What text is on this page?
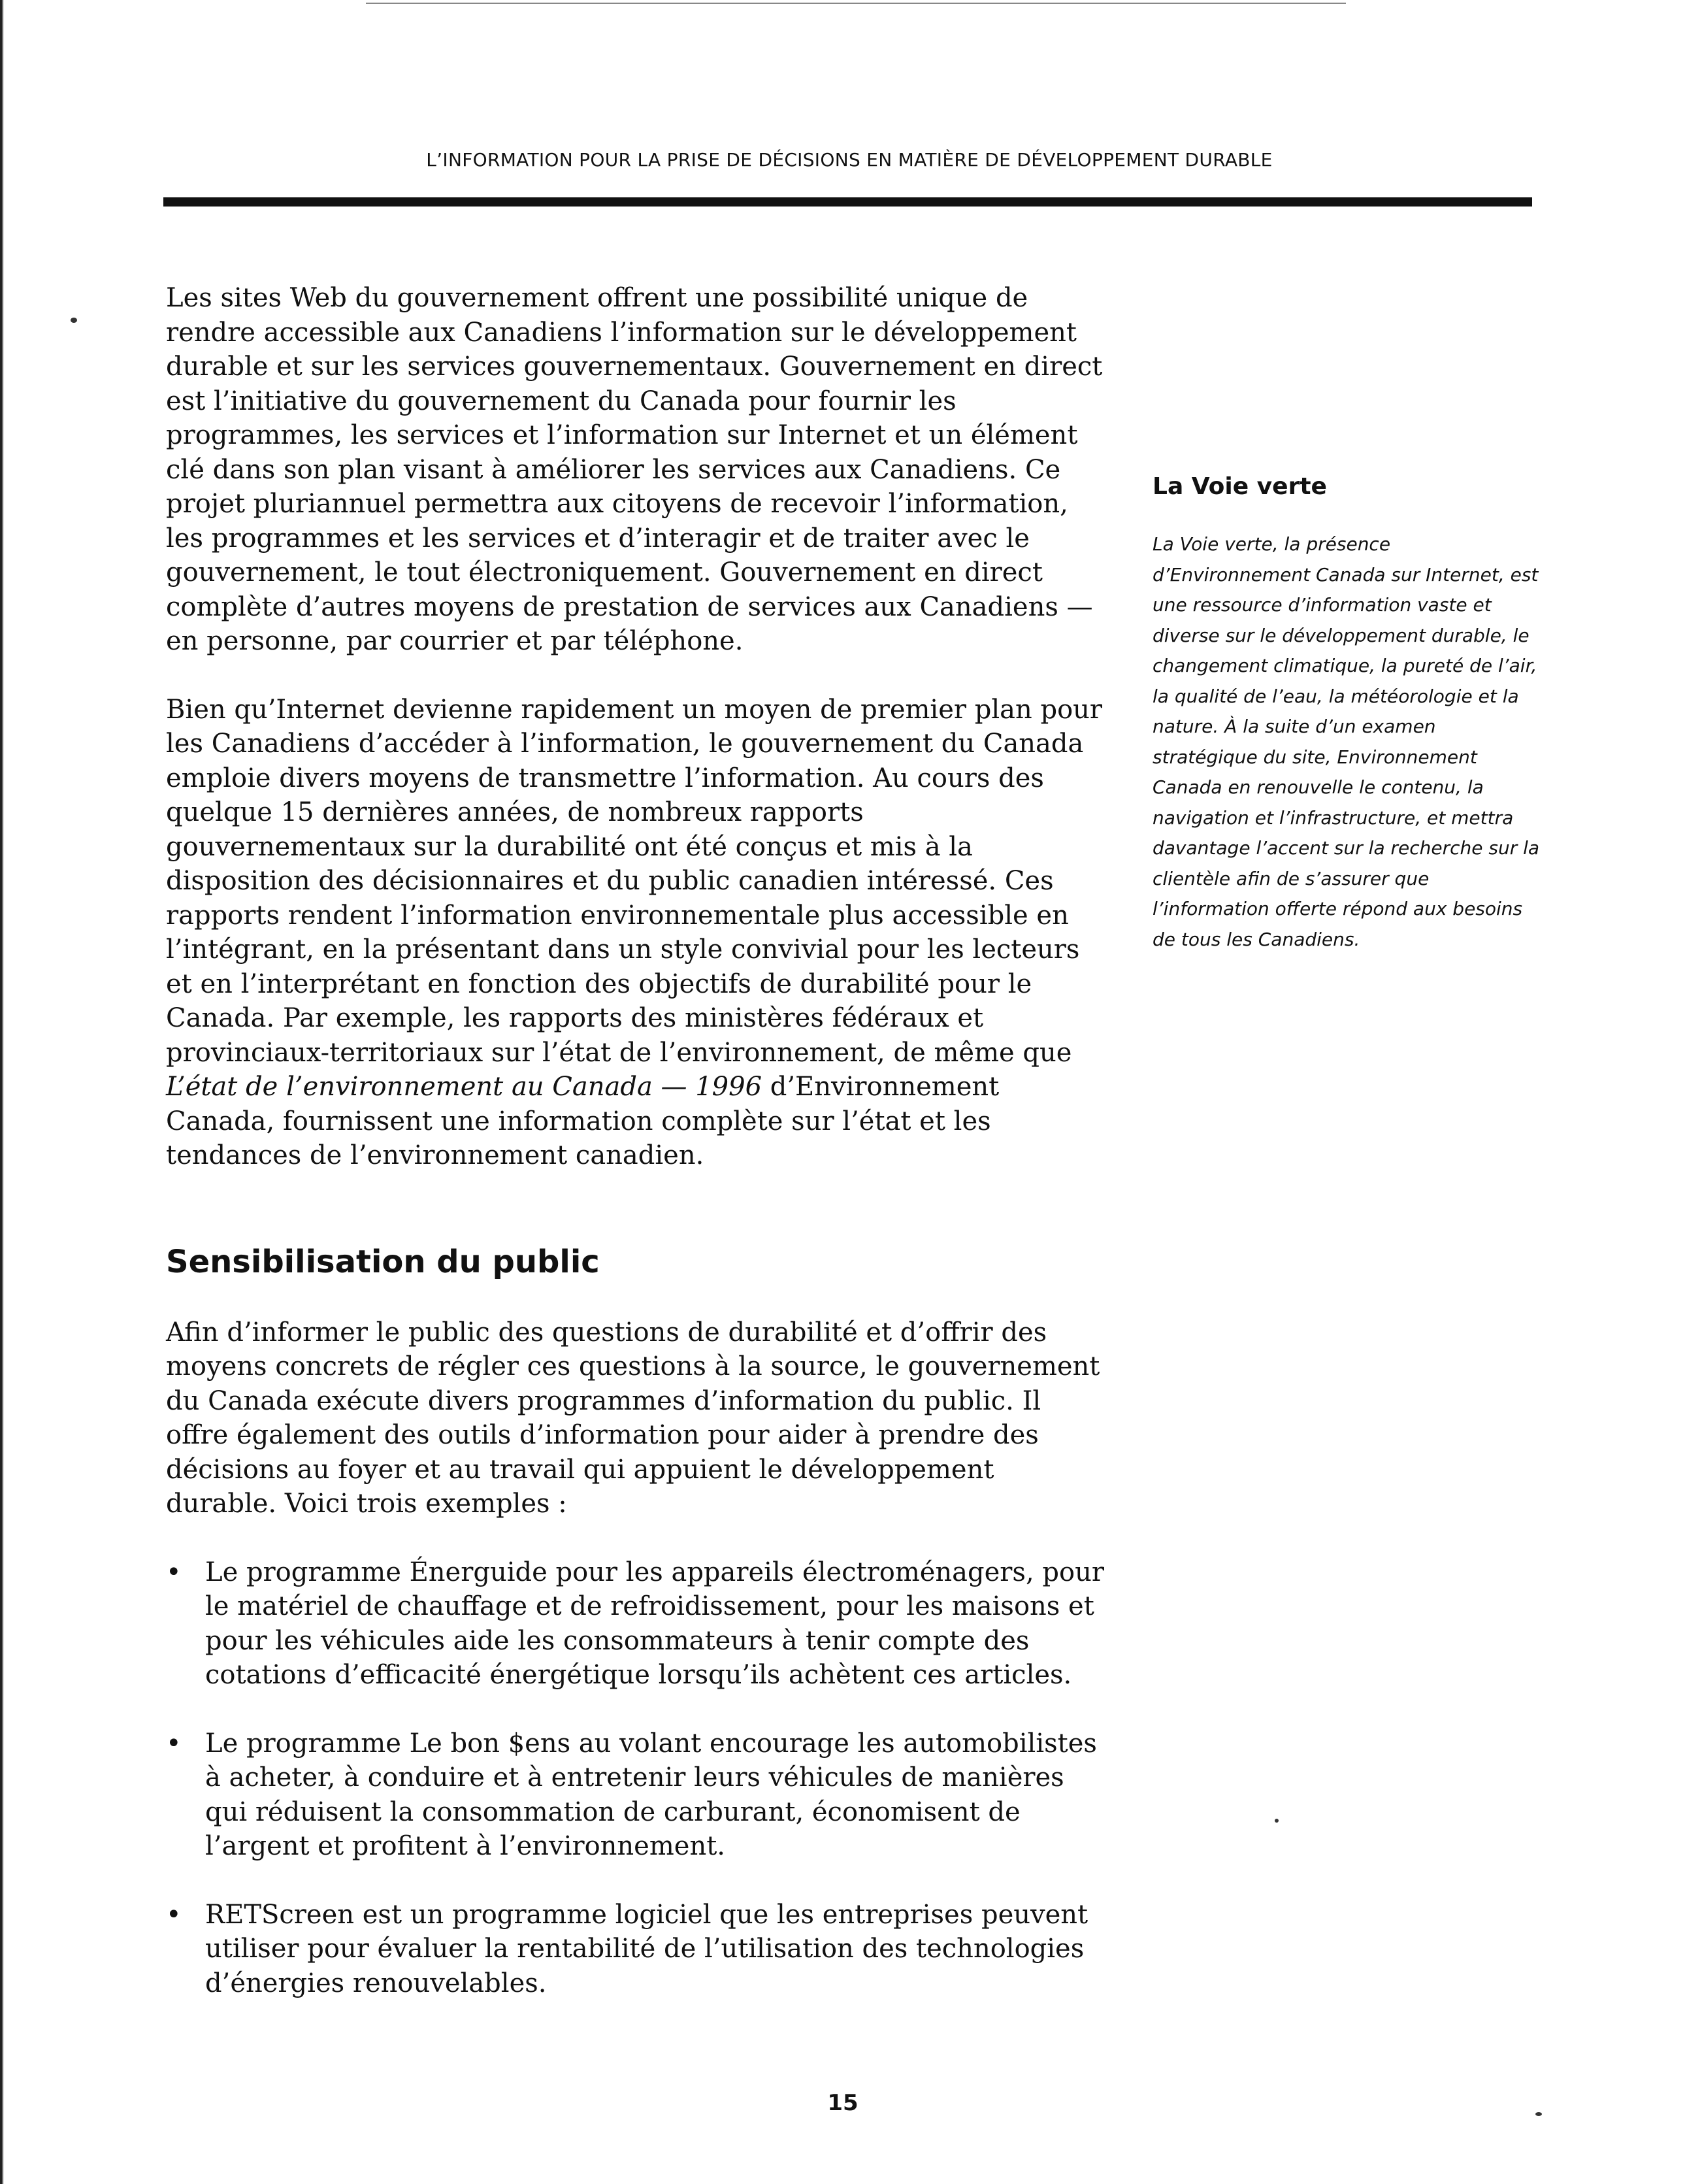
L’INFORMATION POUR LA PRISE DE DÉCISIONS EN MATIÈRE DE DÉVELOPPEMENT DURABLE

Les sites Web du gouvernement offrent une possibilité unique de rendre accessible aux Canadiens l’information sur le développement durable et sur les services gouvernementaux. Gouvernement en direct est l’initiative du gouvernement du Canada pour fournir les programmes, les services et l’information sur Internet et un élément clé dans son plan visant à améliorer les services aux Canadiens. Ce projet pluriannuel permettra aux citoyens de recevoir l’information, les programmes et les services et d’interagir et de traiter avec le gouvernement, le tout électroniquement. Gouvernement en direct complète d’autres moyens de prestation de services aux Canadiens — en personne, par courrier et par téléphone.

Bien qu’Internet devienne rapidement un moyen de premier plan pour les Canadiens d’accéder à l’information, le gouvernement du Canada emploie divers moyens de transmettre l’information. Au cours des quelque 15 dernières années, de nombreux rapports gouvernementaux sur la durabilité ont été conçus et mis à la disposition des décisionnaires et du public canadien intéressé. Ces rapports rendent l’information environnementale plus accessible en l’intégrant, en la présentant dans un style convivial pour les lecteurs et en l’interprétant en fonction des objectifs de durabilité pour le Canada. Par exemple, les rapports des ministères fédéraux et provinciaux-territoriaux sur l’état de l’environnement, de même que L’état de l’environnement au Canada — 1996 d’Environnement Canada, fournissent une information complète sur l’état et les tendances de l’environnement canadien.

Sensibilisation du public

Afin d’informer le public des questions de durabilité et d’offrir des moyens concrets de régler ces questions à la source, le gouvernement du Canada exécute divers programmes d’information du public. Il offre également des outils d’information pour aider à prendre des décisions au foyer et au travail qui appuient le développement durable. Voici trois exemples :

• Le programme Énerguide pour les appareils électroménagers, pour le matériel de chauffage et de refroidissement, pour les maisons et pour les véhicules aide les consommateurs à tenir compte des cotations d’efficacité énergétique lorsqu’ils achètent ces articles.
• Le programme Le bon $ens au volant encourage les automobilistes à acheter, à conduire et à entretenir leurs véhicules de manières qui réduisent la consommation de carburant, économisent de l’argent et profitent à l’environnement.
• RETScreen est un programme logiciel que les entreprises peuvent utiliser pour évaluer la rentabilité de l’utilisation des technologies d’énergies renouvelables.
La Voie verte

La Voie verte, la présence d’Environnement Canada sur Internet, est une ressource d’information vaste et diverse sur le développement durable, le changement climatique, la pureté de l’air, la qualité de l’eau, la météorologie et la nature. À la suite d’un examen stratégique du site, Environnement Canada en renouvelle le contenu, la navigation et l’infrastructure, et mettra davantage l’accent sur la recherche sur la clientèle afin de s’assurer que l’information offerte répond aux besoins de tous les Canadiens.

15
